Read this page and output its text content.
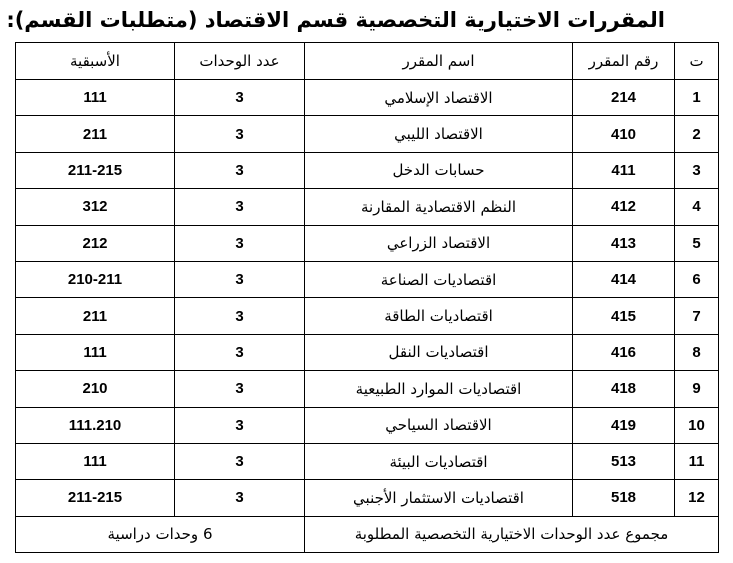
المقررات الاختيارية التخصصية قسم الاقتصاد (متطلبات القسم):
ت	رقم المقرر	اسم المقرر	عدد الوحدات	الأسبقية
1	214	الاقتصاد الإسلامي	3	111
2	410	الاقتصاد الليبي	3	211
3	411	حسابات الدخل	3	211-215
4	412	النظم الاقتصادية المقارنة	3	312
5	413	الاقتصاد الزراعي	3	212
6	414	اقتصاديات الصناعة	3	210-211
7	415	اقتصاديات الطاقة	3	211
8	416	اقتصاديات النقل	3	111
9	418	اقتصاديات الموارد الطبيعية	3	210
10	419	الاقتصاد السياحي	3	111.210
11	513	اقتصاديات البيئة	3	111
12	518	اقتصاديات الاستثمار الأجنبي	3	211-215
مجموع عدد الوحدات الاختيارية التخصصية المطلوبة			6 وحدات دراسية	
